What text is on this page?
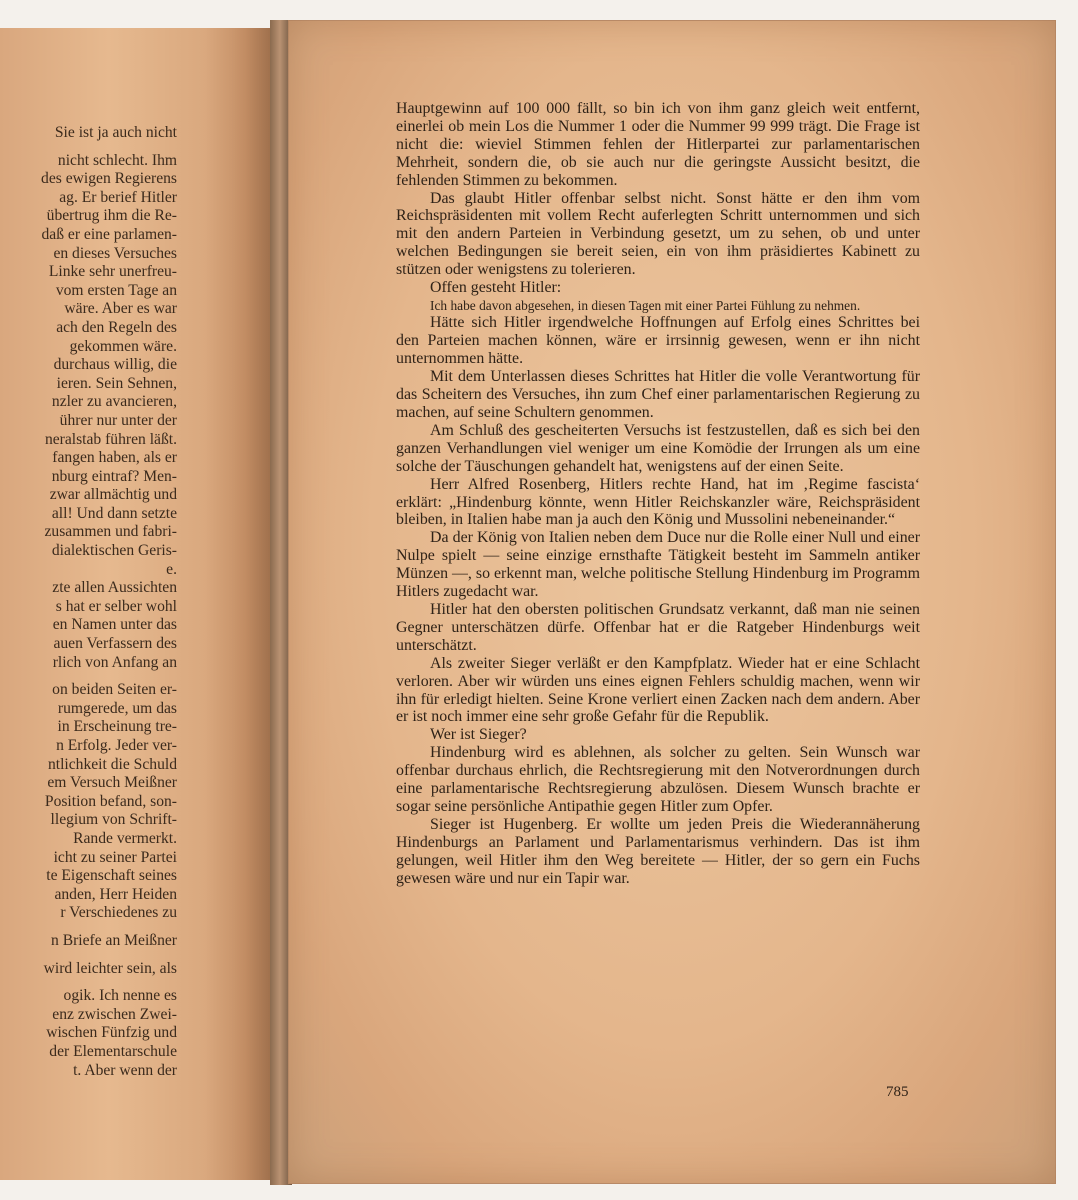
Sie ist ja auch nicht
nicht schlecht. Ihm
des ewigen Regierens
ag. Er berief Hitler
übertrug ihm die Re-
daß er eine parlamen-
en dieses Versuches
Linke sehr unerfreu-
vom ersten Tage an
wäre. Aber es war
ach den Regeln des
gekommen wäre.
durchaus willig, die
ieren. Sein Sehnen,
nzler zu avancieren,
ührer nur unter der
neralstab führen läßt.
fangen haben, als er
nburg eintraf? Men-
zwar allmächtig und
all! Und dann setzte
zusammen und fabri-
dialektischen Geris-
e.
zte allen Aussichten
s hat er selber wohl
en Namen unter das
auen Verfassern des
rlich von Anfang an
on beiden Seiten er-
rumgerede, um das
in Erscheinung tre-
n Erfolg. Jeder ver-
ntlichkeit die Schuld
em Versuch Meißner
Position befand, son-
llegium von Schrift-
Rande vermerkt.
icht zu seiner Partei
te Eigenschaft seines
anden, Herr Heiden
r Verschiedenes zu
n Briefe an Meißner
wird leichter sein, als
ogik. Ich nenne es
enz zwischen Zwei-
wischen Fünfzig und
der Elementarschule
t. Aber wenn der

Hauptgewinn auf 100 000 fällt, so bin ich von ihm ganz gleich weit entfernt, einerlei ob mein Los die Nummer 1 oder die Nummer 99 999 trägt. Die Frage ist nicht die: wieviel Stimmen fehlen der Hitlerpartei zur parlamentarischen Mehrheit, sondern die, ob sie auch nur die geringste Aussicht besitzt, die fehlenden Stimmen zu bekommen.

Das glaubt Hitler offenbar selbst nicht. Sonst hätte er den ihm vom Reichspräsidenten mit vollem Recht auferlegten Schritt unternommen und sich mit den andern Parteien in Verbindung gesetzt, um zu sehen, ob und unter welchen Bedingungen sie bereit seien, ein von ihm präsidiertes Kabinett zu stützen oder wenigstens zu tolerieren.

Offen gesteht Hitler:

Ich habe davon abgesehen, in diesen Tagen mit einer Partei Fühlung zu nehmen.

Hätte sich Hitler irgendwelche Hoffnungen auf Erfolg eines Schrittes bei den Parteien machen können, wäre er irrsinnig gewesen, wenn er ihn nicht unternommen hätte.

Mit dem Unterlassen dieses Schrittes hat Hitler die volle Verantwortung für das Scheitern des Versuches, ihn zum Chef einer parlamentarischen Regierung zu machen, auf seine Schultern genommen.

Am Schluß des gescheiterten Versuchs ist festzustellen, daß es sich bei den ganzen Verhandlungen viel weniger um eine Komödie der Irrungen als um eine solche der Täuschungen gehandelt hat, wenigstens auf der einen Seite.

Herr Alfred Rosenberg, Hitlers rechte Hand, hat im ‚Regime fascista‘ erklärt: „Hindenburg könnte, wenn Hitler Reichskanzler wäre, Reichspräsident bleiben, in Italien habe man ja auch den König und Mussolini nebeneinander.“

Da der König von Italien neben dem Duce nur die Rolle einer Null und einer Nulpe spielt — seine einzige ernsthafte Tätigkeit besteht im Sammeln antiker Münzen —, so erkennt man, welche politische Stellung Hindenburg im Programm Hitlers zugedacht war.

Hitler hat den obersten politischen Grundsatz verkannt, daß man nie seinen Gegner unterschätzen dürfe. Offenbar hat er die Ratgeber Hindenburgs weit unterschätzt.

Als zweiter Sieger verläßt er den Kampfplatz. Wieder hat er eine Schlacht verloren. Aber wir würden uns eines eignen Fehlers schuldig machen, wenn wir ihn für erledigt hielten. Seine Krone verliert einen Zacken nach dem andern. Aber er ist noch immer eine sehr große Gefahr für die Republik.

Wer ist Sieger?

Hindenburg wird es ablehnen, als solcher zu gelten. Sein Wunsch war offenbar durchaus ehrlich, die Rechtsregierung mit den Notverordnungen durch eine parlamentarische Rechtsregierung abzulösen. Diesem Wunsch brachte er sogar seine persönliche Antipathie gegen Hitler zum Opfer.

Sieger ist Hugenberg. Er wollte um jeden Preis die Wiederannäherung Hindenburgs an Parlament und Parlamentarismus verhindern. Das ist ihm gelungen, weil Hitler ihm den Weg bereitete — Hitler, der so gern ein Fuchs gewesen wäre und nur ein Tapir war.

785
